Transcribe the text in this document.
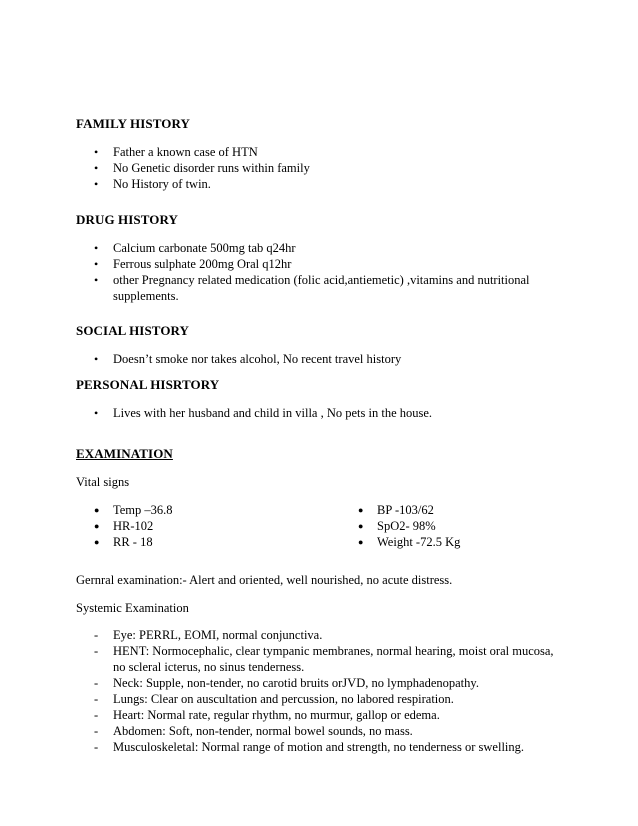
FAMILY HISTORY
•
Father a known case of HTN
•
No Genetic disorder runs within family
•
No History of twin.
DRUG HISTORY
•
Calcium carbonate 500mg tab q24hr
•
Ferrous sulphate 200mg Oral q12hr
•
other Pregnancy related medication (folic acid,antiemetic) ,vitamins and nutritional supplements.
SOCIAL HISTORY
•
Doesn’t smoke nor takes alcohol, No recent travel history
PERSONAL HISRTORY
•
Lives with her husband and child in villa , No pets in the house.
EXAMINATION
Vital signs
●
Temp –36.8
●
HR-102
●
RR - 18
●
BP -103/62
●
SpO2- 98%
●
Weight -72.5 Kg
Gernral examination:- Alert and oriented, well nourished, no acute distress.
Systemic Examination
-
Eye: PERRL, EOMI, normal conjunctiva.
-
HENT: Normocephalic, clear tympanic membranes, normal hearing, moist oral mucosa, no scleral icterus, no sinus tenderness.
-
Neck: Supple, non-tender, no carotid bruits orJVD, no lymphadenopathy.
-
Lungs: Clear on auscultation and percussion, no labored respiration.
-
Heart: Normal rate, regular rhythm, no murmur, gallop or edema.
-
Abdomen: Soft, non-tender, normal bowel sounds, no mass.
-
Musculoskeletal: Normal range of motion and strength, no tenderness or swelling.
